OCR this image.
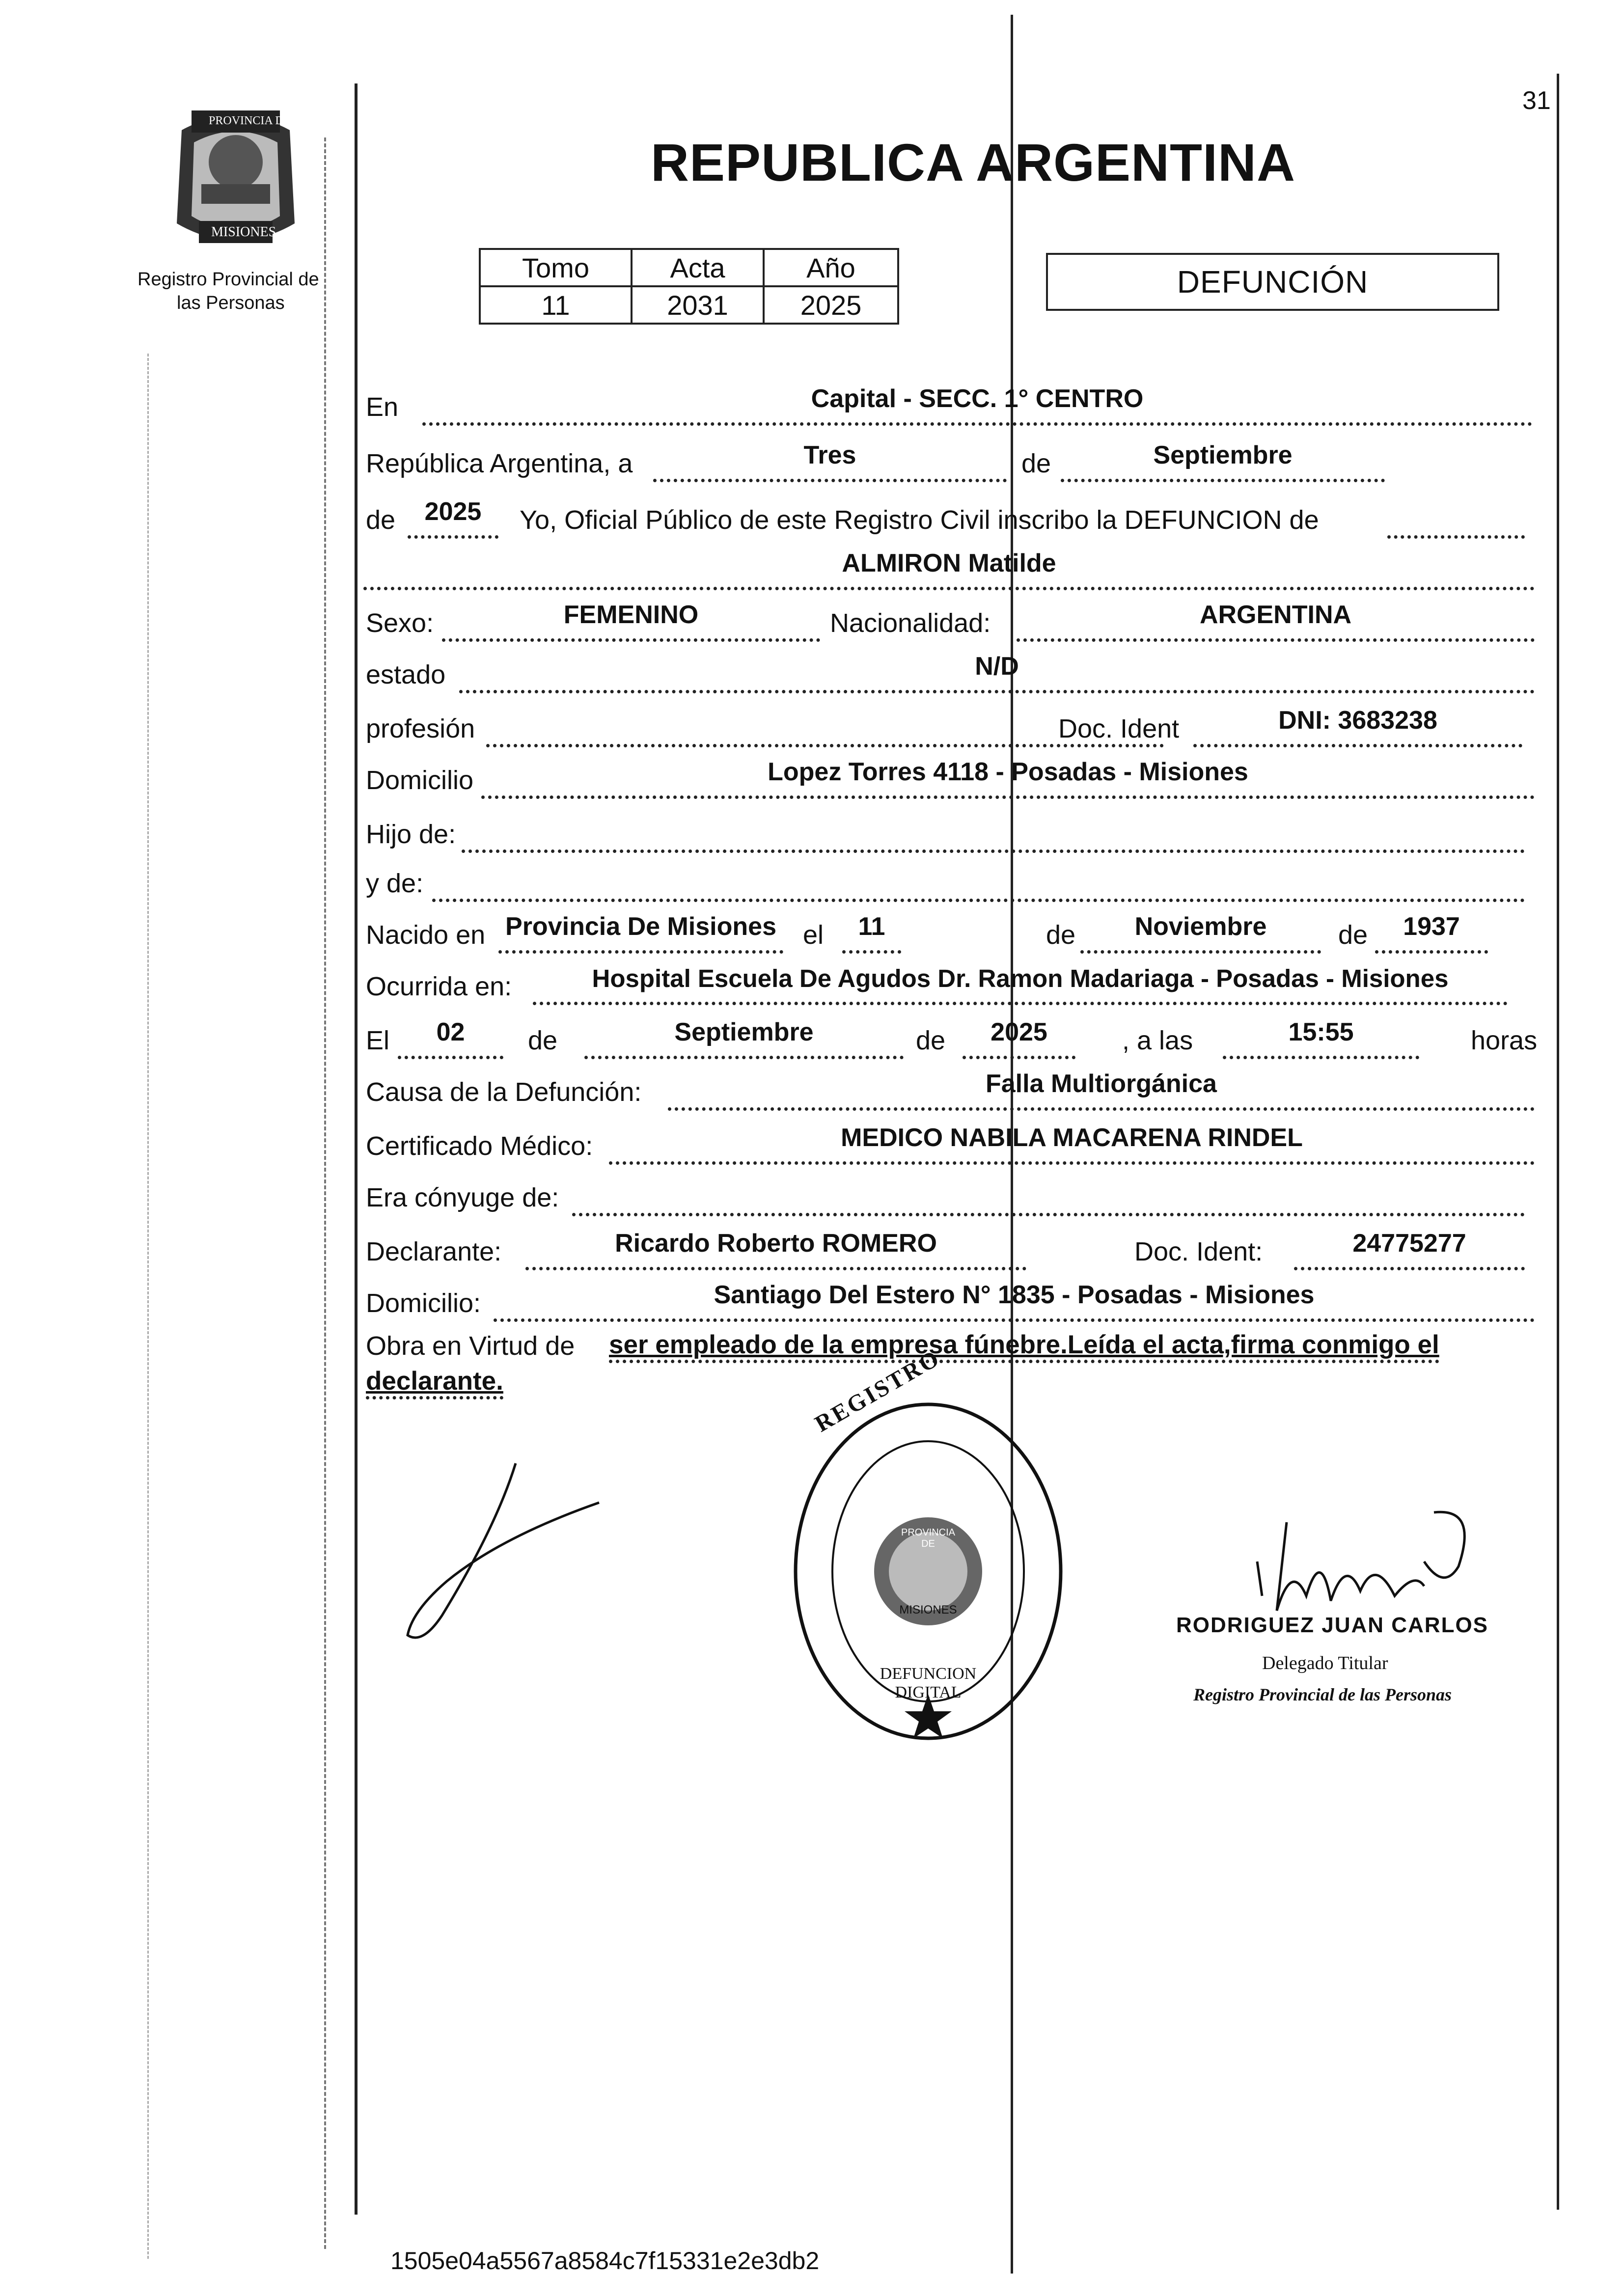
31
PROVINCIA DE
MISIONES
Registro Provincial de
las Personas
REPUBLICA ARGENTINA
Tomo	Acta	Año
11	2031	2025
DEFUNCIÓN
En	Capital - SECC. 1° CENTRO
República Argentina, a	Tres	de	Septiembre
de	2025	Yo, Oficial Público de este Registro Civil inscribo la DEFUNCION de
ALMIRON Matilde
Sexo:	FEMENINO	Nacionalidad:	ARGENTINA
estado	N/D
profesión	Doc. Ident	DNI: 3683238
Domicilio	Lopez Torres 4118 - Posadas - Misiones
Hijo de:
y de:
Nacido en Provincia De Misiones el	11	de	Noviembre	de	1937
Ocurrida en:	Hospital Escuela De Agudos Dr. Ramon Madariaga - Posadas - Misiones
El	02	de	Septiembre	de	2025	, a las	15:55	horas
Causa de la Defunción:	Falla Multiorgánica
Certificado Médico:	MEDICO NABILA MACARENA RINDEL
Era cónyuge de:
Declarante:	Ricardo Roberto ROMERO	Doc. Ident:	24775277
Domicilio:	Santiago Del Estero N° 1835 - Posadas - Misiones
Obra en Virtud de ser empleado de la empresa fúnebre.Leída el acta,firma conmigo el
declarante.
DEFUNCION DIGITAL
PROVINCIA DE
MISIONES
REGISTRO
RODRIGUEZ JUAN CARLOS
Delegado Titular
Registro Provincial de las Personas
1505e04a5567a8584c7f15331e2e3db2
